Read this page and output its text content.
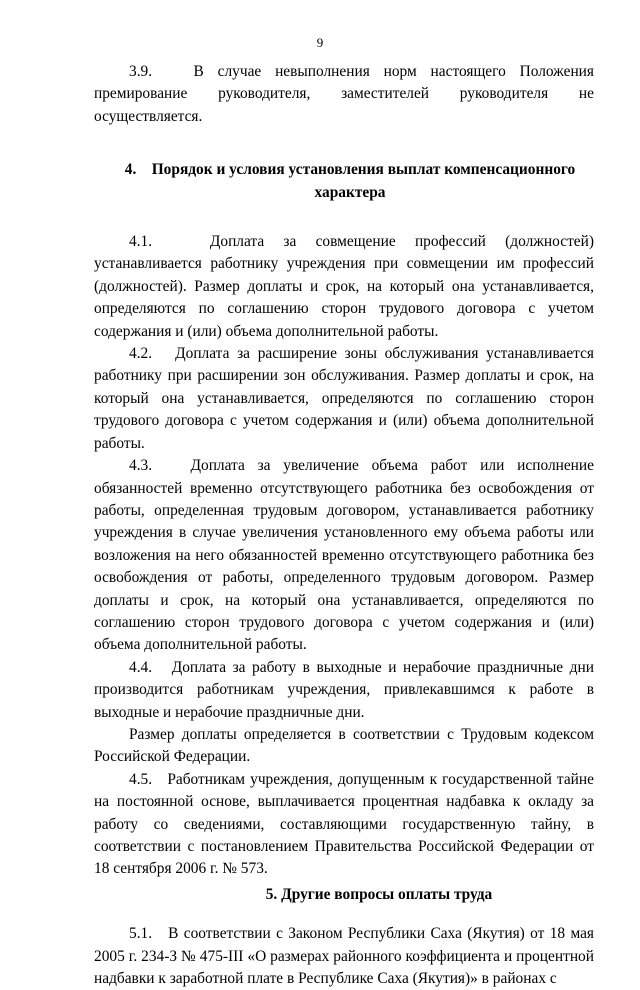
9

3.9.   В случае невыполнения норм настоящего Положения премирование руководителя, заместителей руководителя не осуществляется.

4.    Порядок и условия установления выплат компенсационного характера

4.1.   Доплата за совмещение профессий (должностей) устанавливается работнику учреждения при совмещении им профессий (должностей). Размер доплаты и срок, на который она устанавливается, определяются по соглашению сторон трудового договора с учетом содержания и (или) объема дополнительной работы.

4.2.   Доплата за расширение зоны обслуживания устанавливается работнику при расширении зон обслуживания. Размер доплаты и срок, на который она устанавливается, определяются по соглашению сторон трудового договора с учетом содержания и (или) объема дополнительной работы.

4.3.   Доплата за увеличение объема работ или исполнение обязанностей временно отсутствующего работника без освобождения от работы, определенная трудовым договором, устанавливается работнику учреждения в случае увеличения установленного ему объема работы или возложения на него обязанностей временно отсутствующего работника без освобождения от работы, определенного трудовым договором. Размер доплаты и срок, на который она устанавливается, определяются по соглашению сторон трудового договора с учетом содержания и (или) объема дополнительной работы.

4.4.   Доплата за работу в выходные и нерабочие праздничные дни производится работникам учреждения, привлекавшимся к работе в выходные и нерабочие праздничные дни.

Размер доплаты определяется в соответствии с Трудовым кодексом Российской Федерации.

4.5.   Работникам учреждения, допущенным к государственной тайне на постоянной основе, выплачивается процентная надбавка к окладу за работу со сведениями, составляющими государственную тайну, в соответствии с постановлением Правительства Российской Федерации от 18 сентября 2006 г. № 573.

5. Другие вопросы оплаты труда

5.1.   В соответствии с Законом Республики Саха (Якутия) от 18 мая 2005 г. 234-З № 475-III «О размерах районного коэффициента и процентной надбавки к заработной плате в Республике Саха (Якутия)» в районах с
